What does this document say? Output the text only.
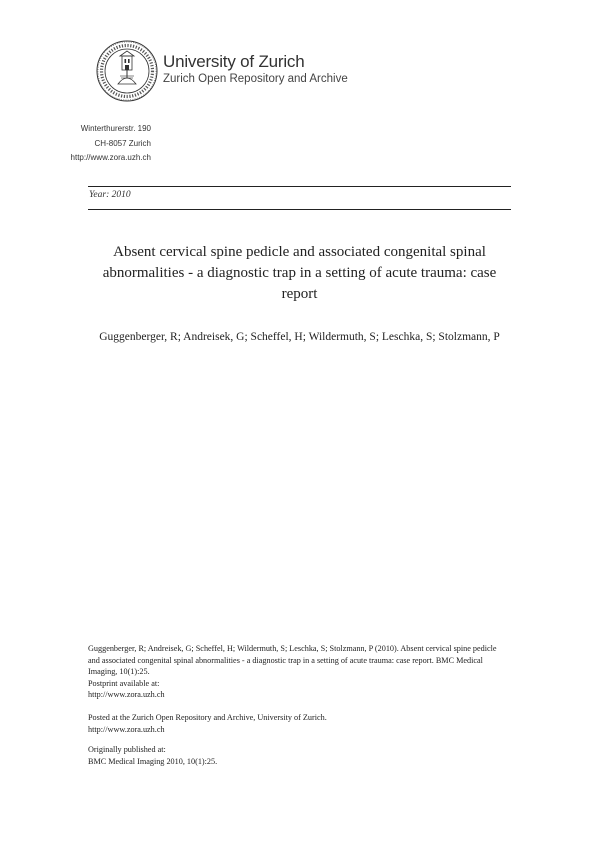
University of Zurich
Zurich Open Repository and Archive
Winterthurerstr. 190
CH-8057 Zurich
http://www.zora.uzh.ch
Year: 2010
Absent cervical spine pedicle and associated congenital spinal abnormalities - a diagnostic trap in a setting of acute trauma: case report
Guggenberger, R; Andreisek, G; Scheffel, H; Wildermuth, S; Leschka, S; Stolzmann, P

Guggenberger, R; Andreisek, G; Scheffel, H; Wildermuth, S; Leschka, S; Stolzmann, P (2010). Absent cervical spine pedicle and associated congenital spinal abnormalities - a diagnostic trap in a setting of acute trauma: case report. BMC Medical Imaging, 10(1):25.

Postprint available at:

http://www.zora.uzh.ch

Posted at the Zurich Open Repository and Archive, University of Zurich.

http://www.zora.uzh.ch

Originally published at:

BMC Medical Imaging 2010, 10(1):25.
